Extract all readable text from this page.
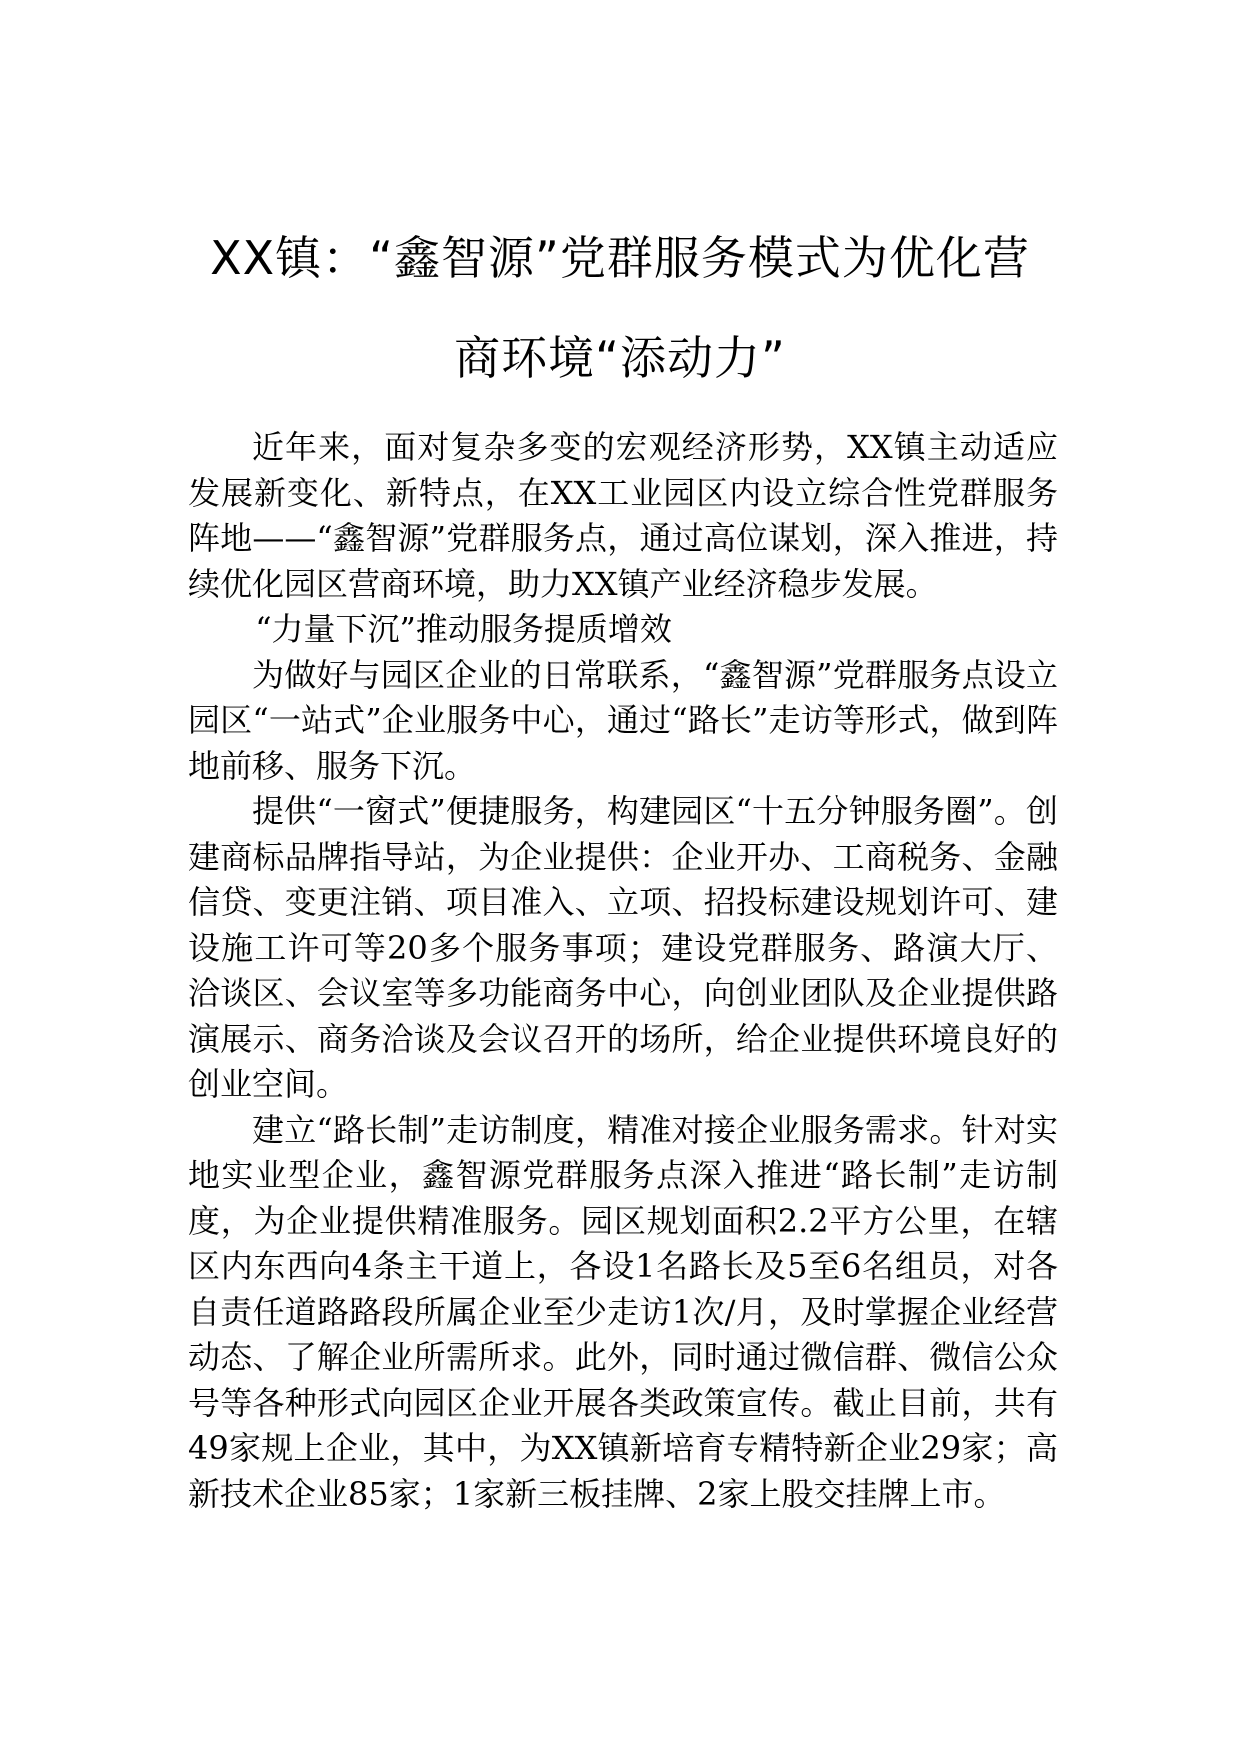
XX镇：“鑫智源”党群服务模式为优化营
商环境“添动力”

近年来，面对复杂多变的宏观经济形势，XX镇主动适应发展新变化、新特点，在XX工业园区内设立综合性党群服务阵地——“鑫智源”党群服务点，通过高位谋划，深入推进，持续优化园区营商环境，助力XX镇产业经济稳步发展。

“力量下沉”推动服务提质增效

为做好与园区企业的日常联系，“鑫智源”党群服务点设立园区“一站式”企业服务中心，通过“路长”走访等形式，做到阵地前移、服务下沉。

提供“一窗式”便捷服务，构建园区“十五分钟服务圈”。创建商标品牌指导站，为企业提供：企业开办、工商税务、金融信贷、变更注销、项目准入、立项、招投标建设规划许可、建设施工许可等20多个服务事项；建设党群服务、路演大厅、洽谈区、会议室等多功能商务中心，向创业团队及企业提供路演展示、商务洽谈及会议召开的场所，给企业提供环境良好的创业空间。

建立“路长制”走访制度，精准对接企业服务需求。针对实地实业型企业，鑫智源党群服务点深入推进“路长制”走访制度，为企业提供精准服务。园区规划面积2.2平方公里，在辖区内东西向4条主干道上，各设1名路长及5至6名组员，对各自责任道路路段所属企业至少走访1次/月，及时掌握企业经营动态、了解企业所需所求。此外，同时通过微信群、微信公众号等各种形式向园区企业开展各类政策宣传。截止目前，共有49家规上企业，其中，为XX镇新培育专精特新企业29家；高新技术企业85家；1家新三板挂牌、2家上股交挂牌上市。
